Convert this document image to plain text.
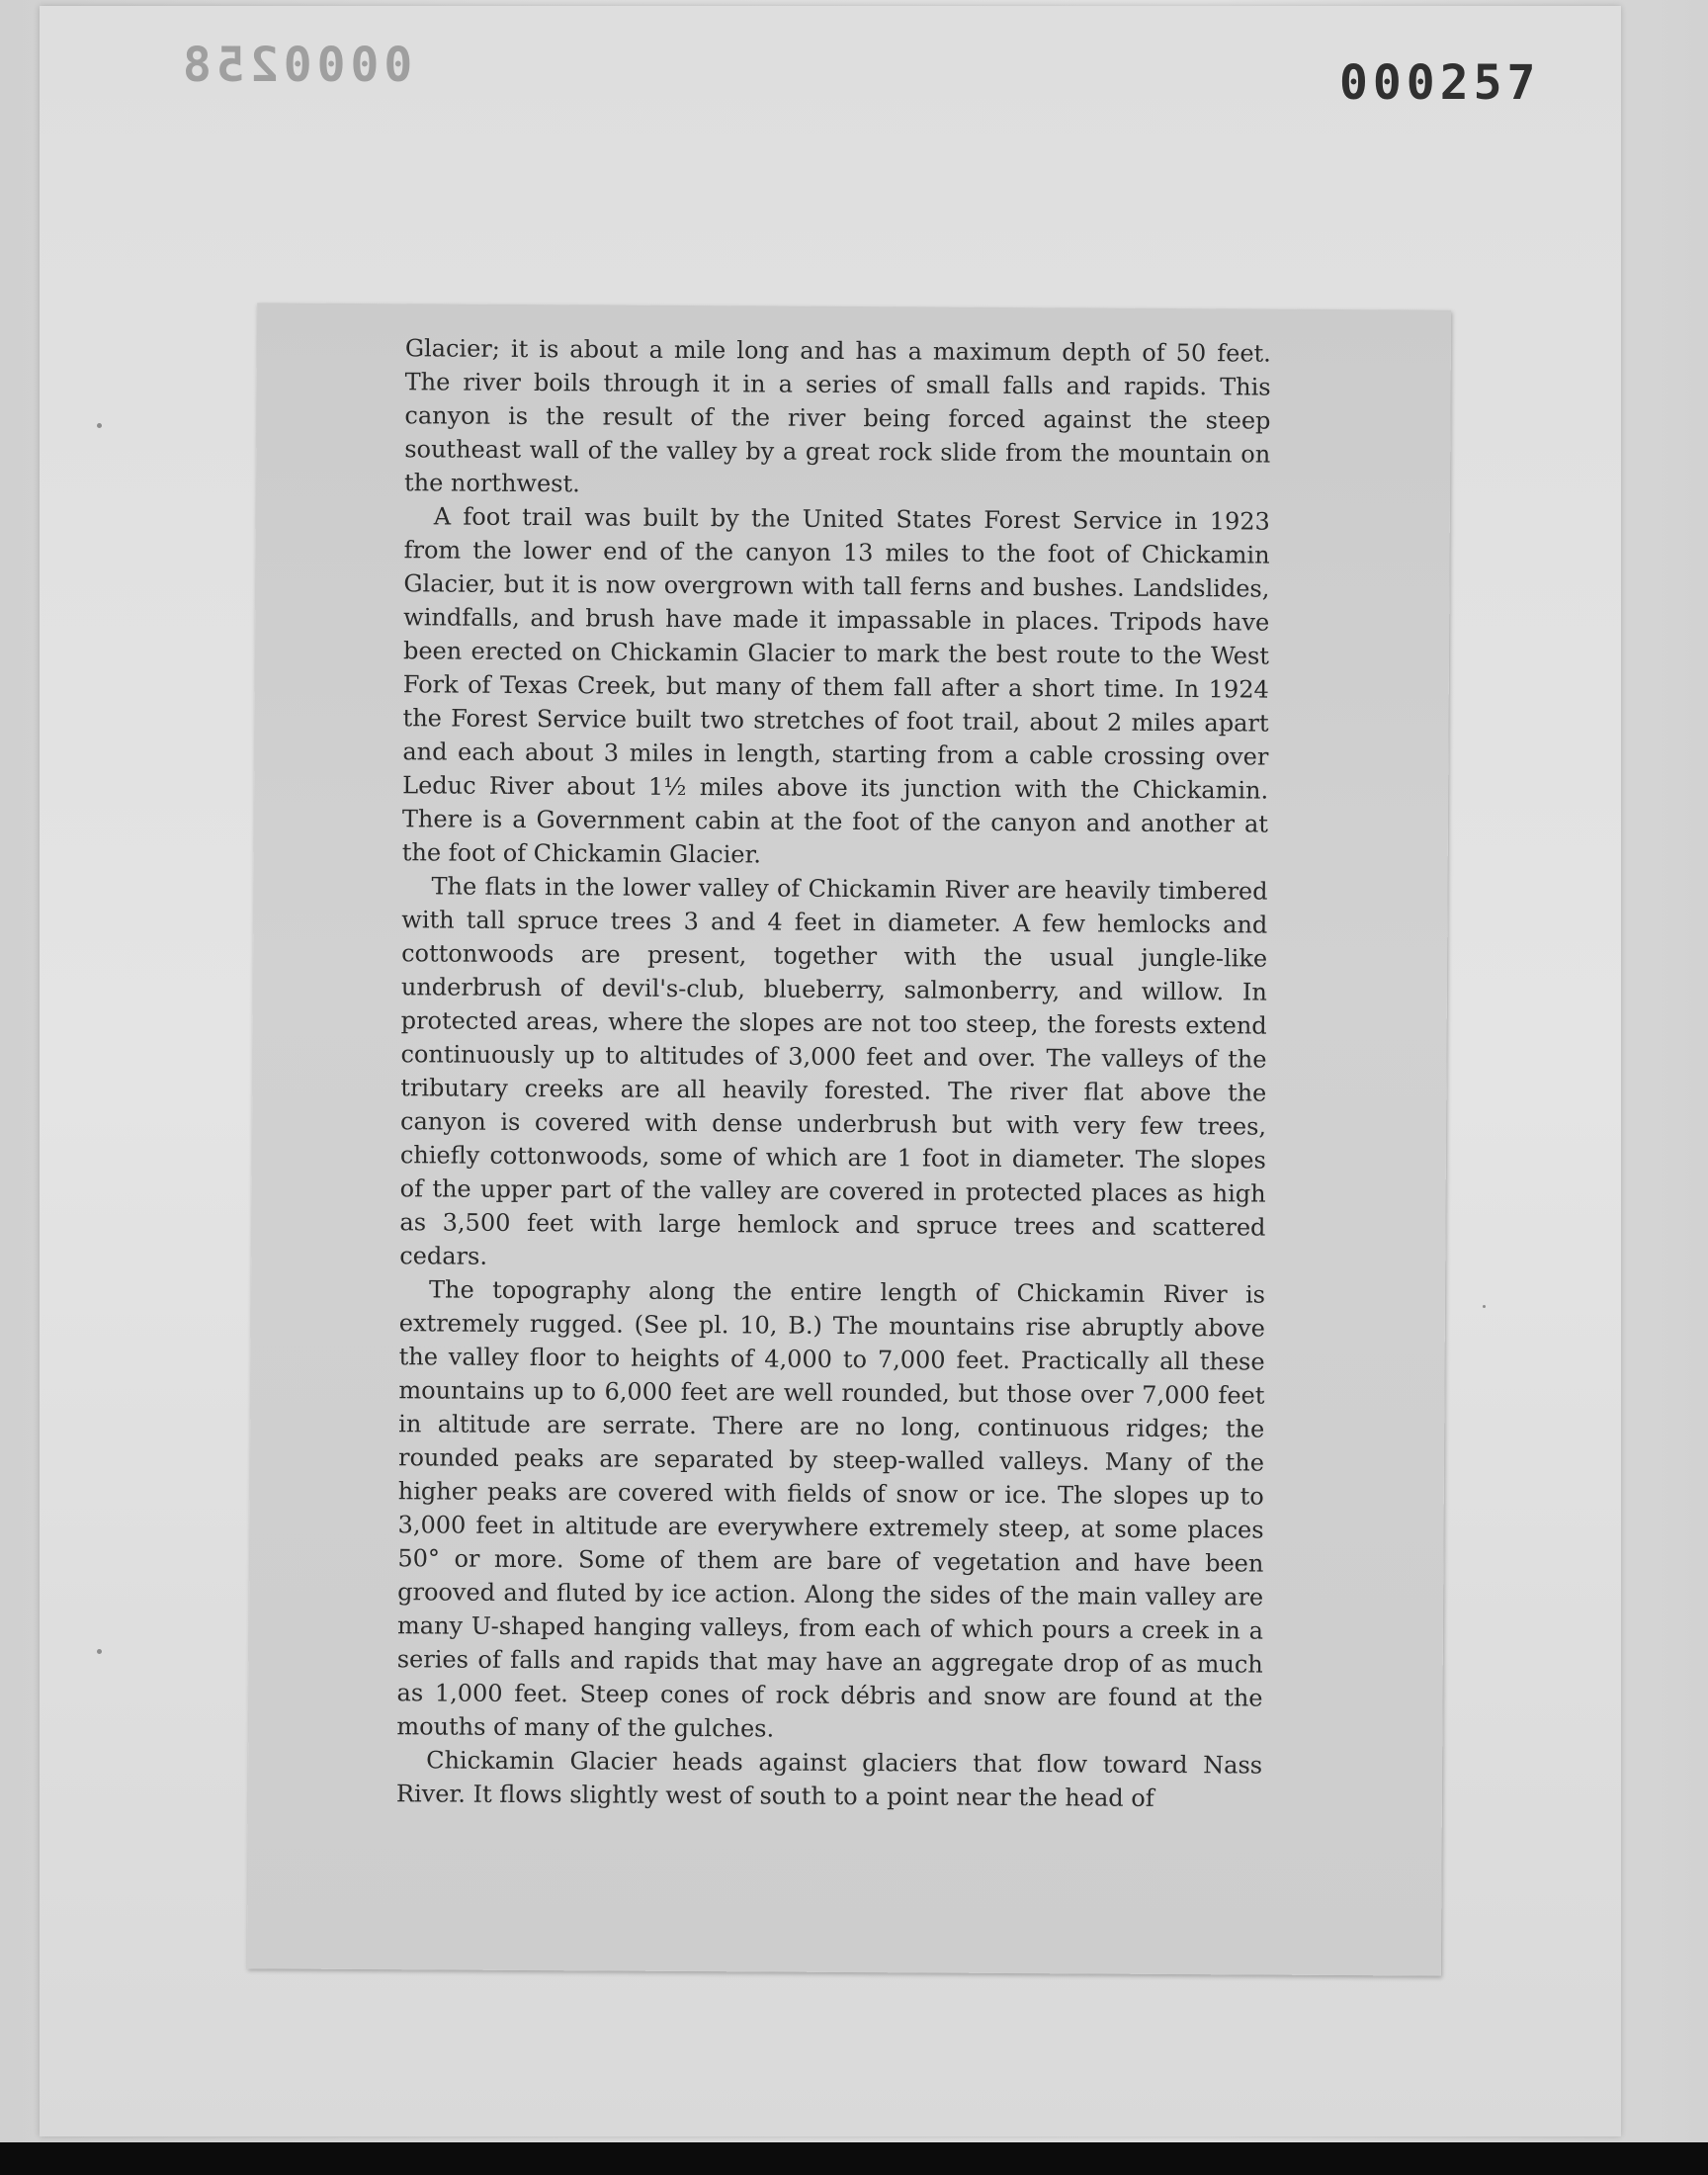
0000258	000257

Glacier; it is about a mile long and has a maximum depth of 50 feet. The river boils through it in a series of small falls and rapids. This canyon is the result of the river being forced against the steep southeast wall of the valley by a great rock slide from the mountain on the northwest.

A foot trail was built by the United States Forest Service in 1923 from the lower end of the canyon 13 miles to the foot of Chickamin Glacier, but it is now overgrown with tall ferns and bushes. Landslides, windfalls, and brush have made it impassable in places. Tripods have been erected on Chickamin Glacier to mark the best route to the West Fork of Texas Creek, but many of them fall after a short time. In 1924 the Forest Service built two stretches of foot trail, about 2 miles apart and each about 3 miles in length, starting from a cable crossing over Leduc River about 1½ miles above its junction with the Chickamin. There is a Government cabin at the foot of the canyon and another at the foot of Chickamin Glacier.

The flats in the lower valley of Chickamin River are heavily timbered with tall spruce trees 3 and 4 feet in diameter. A few hemlocks and cottonwoods are present, together with the usual jungle-like underbrush of devil's-club, blueberry, salmonberry, and willow. In protected areas, where the slopes are not too steep, the forests extend continuously up to altitudes of 3,000 feet and over. The valleys of the tributary creeks are all heavily forested. The river flat above the canyon is covered with dense underbrush but with very few trees, chiefly cottonwoods, some of which are 1 foot in diameter. The slopes of the upper part of the valley are covered in protected places as high as 3,500 feet with large hemlock and spruce trees and scattered cedars.

The topography along the entire length of Chickamin River is extremely rugged. (See pl. 10, B.) The mountains rise abruptly above the valley floor to heights of 4,000 to 7,000 feet. Practically all these mountains up to 6,000 feet are well rounded, but those over 7,000 feet in altitude are serrate. There are no long, continuous ridges; the rounded peaks are separated by steep-walled valleys. Many of the higher peaks are covered with fields of snow or ice. The slopes up to 3,000 feet in altitude are everywhere extremely steep, at some places 50° or more. Some of them are bare of vegetation and have been grooved and fluted by ice action. Along the sides of the main valley are many U-shaped hanging valleys, from each of which pours a creek in a series of falls and rapids that may have an aggregate drop of as much as 1,000 feet. Steep cones of rock débris and snow are found at the mouths of many of the gulches.

Chickamin Glacier heads against glaciers that flow toward Nass River. It flows slightly west of south to a point near the head of
